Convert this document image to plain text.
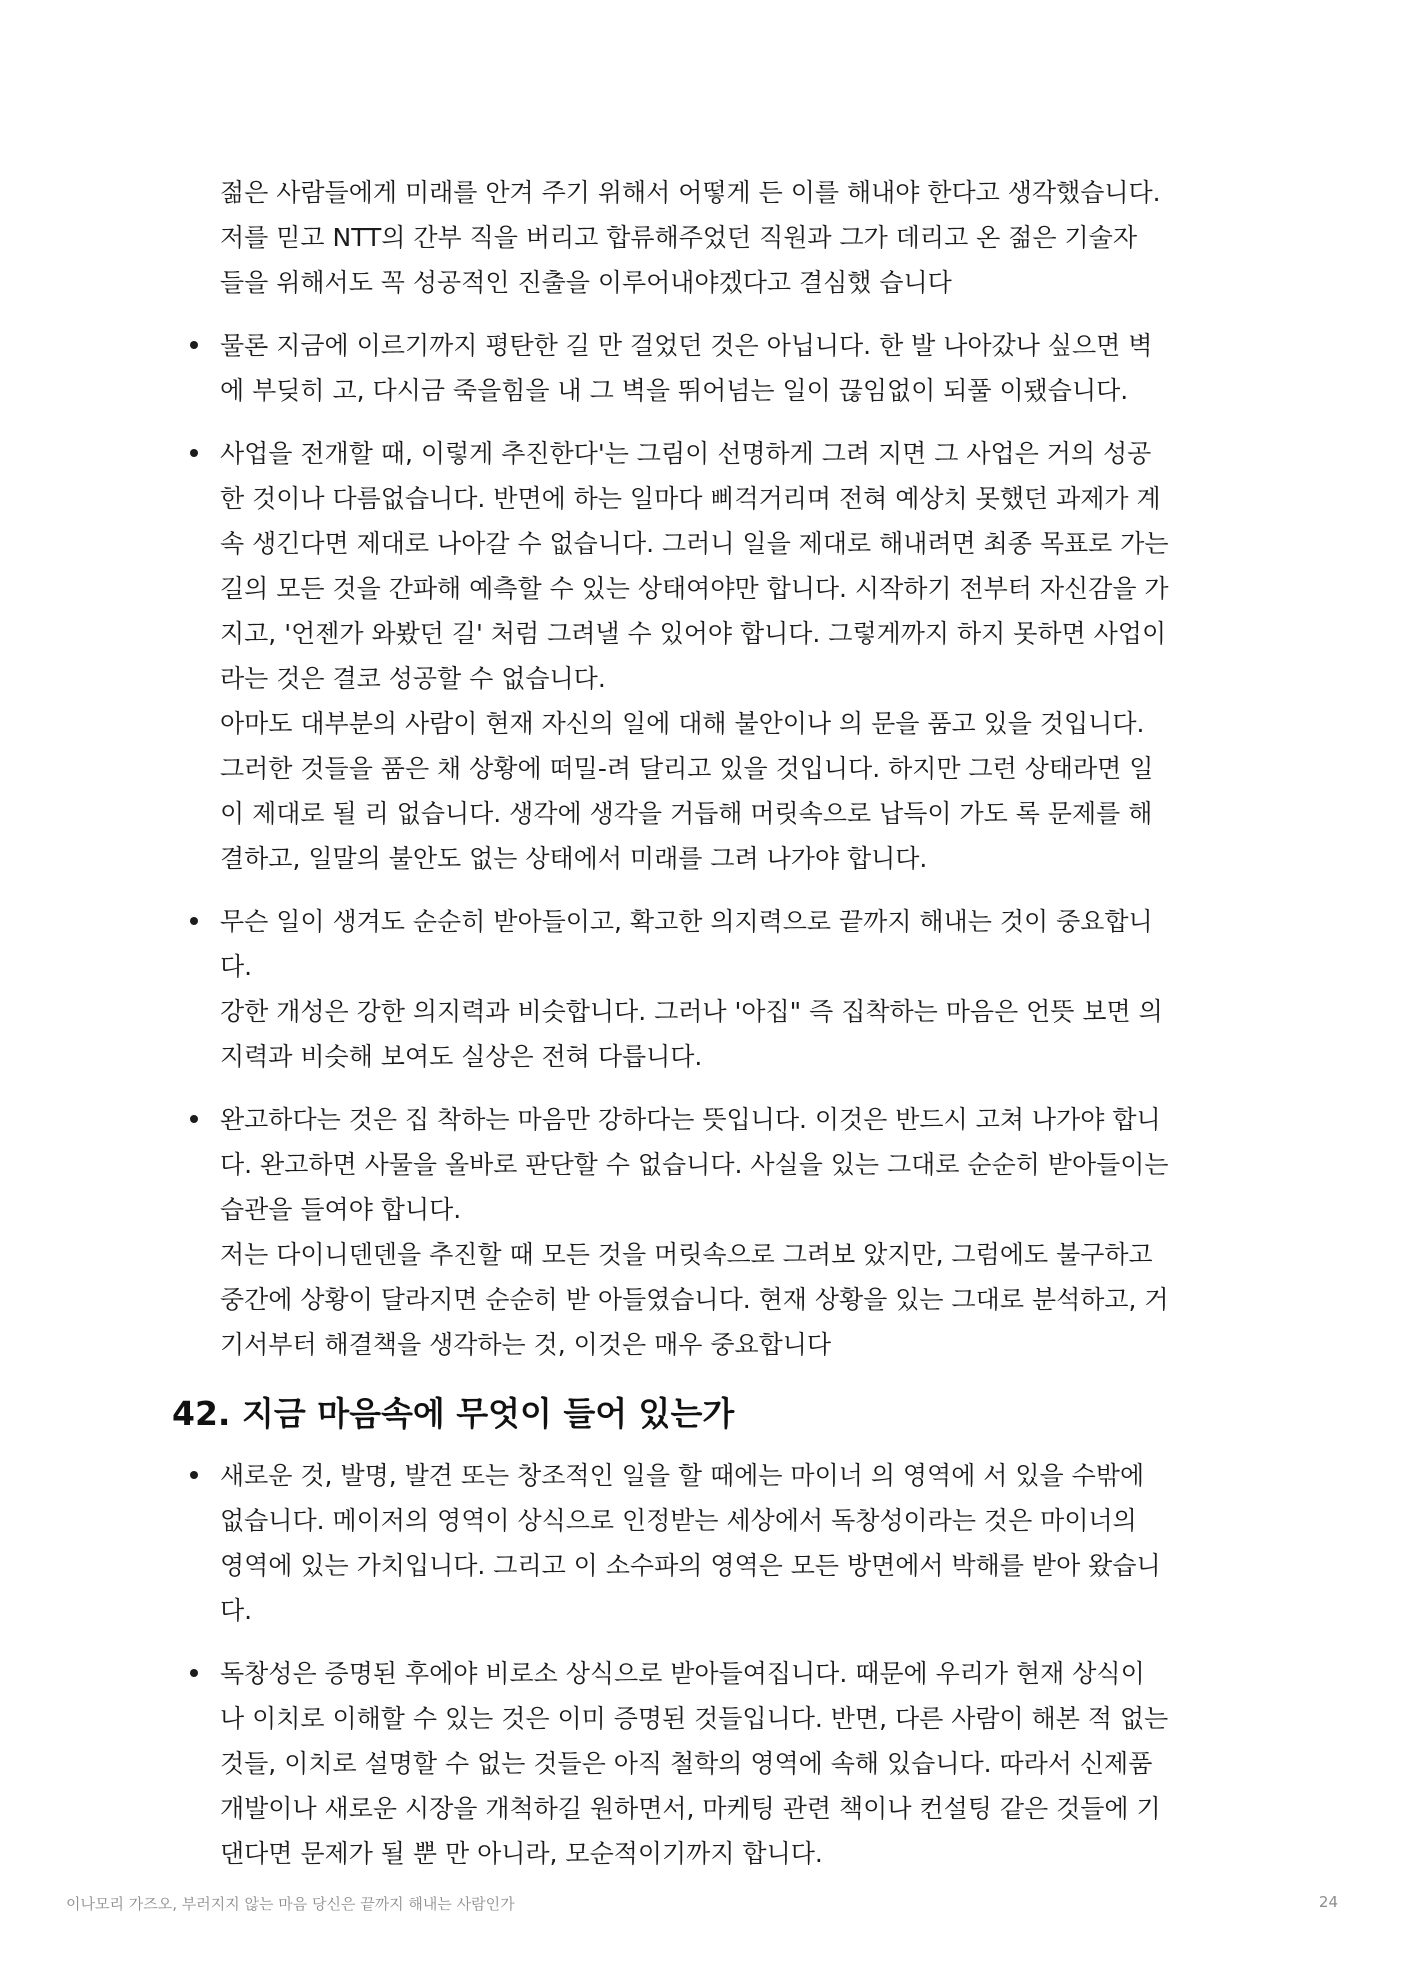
젊은 사람들에게 미래를 안겨 주기 위해서 어떻게 든 이를 해내야 한다고 생각했습니다.
저를 믿고 NTT의 간부 직을 버리고 합류해주었던 직원과 그가 데리고 온 젊은 기술자
들을 위해서도 꼭 성공적인 진출을 이루어내야겠다고 결심했 습니다

물론 지금에 이르기까지 평탄한 길 만 걸었던 것은 아닙니다. 한 발 나아갔나 싶으면 벽
에 부딪히 고, 다시금 죽을힘을 내 그 벽을 뛰어넘는 일이 끊임없이 되풀 이됐습니다.

사업을 전개할 때, 이렇게 추진한다'는 그림이 선명하게 그려 지면 그 사업은 거의 성공
한 것이나 다름없습니다. 반면에 하는 일마다 삐걱거리며 전혀 예상치 못했던 과제가 계
속 생긴다면 제대로 나아갈 수 없습니다. 그러니 일을 제대로 해내려면 최종 목표로 가는
길의 모든 것을 간파해 예측할 수 있는 상태여야만 합니다. 시작하기 전부터 자신감을 가
지고, '언젠가 와봤던 길' 처럼 그려낼 수 있어야 합니다. 그렇게까지 하지 못하면 사업이
라는 것은 결코 성공할 수 없습니다.

아마도 대부분의 사람이 현재 자신의 일에 대해 불안이나 의 문을 품고 있을 것입니다.
그러한 것들을 품은 채 상황에 떠밀-려 달리고 있을 것입니다. 하지만 그런 상태라면 일
이 제대로 될 리 없습니다. 생각에 생각을 거듭해 머릿속으로 납득이 가도 록 문제를 해
결하고, 일말의 불안도 없는 상태에서 미래를 그려 나가야 합니다.

무슨 일이 생겨도 순순히 받아들이고, 확고한 의지력으로 끝까지 해내는 것이 중요합니
다.

강한 개성은 강한 의지력과 비슷합니다. 그러나 '아집" 즉 집착하는 마음은 언뜻 보면 의
지력과 비슷해 보여도 실상은 전혀 다릅니다.

완고하다는 것은 집 착하는 마음만 강하다는 뜻입니다. 이것은 반드시 고쳐 나가야 합니
다. 완고하면 사물을 올바로 판단할 수 없습니다. 사실을 있는 그대로 순순히 받아들이는
습관을 들여야 합니다.

저는 다이니덴덴을 추진할 때 모든 것을 머릿속으로 그려보 았지만, 그럼에도 불구하고
중간에 상황이 달라지면 순순히 받 아들였습니다. 현재 상황을 있는 그대로 분석하고, 거
기서부터 해결책을 생각하는 것, 이것은 매우 중요합니다

42. 지금 마음속에 무엇이 들어 있는가

새로운 것, 발명, 발견 또는 창조적인 일을 할 때에는 마이너 의 영역에 서 있을 수밖에
없습니다. 메이저의 영역이 상식으로 인정받는 세상에서 독창성이라는 것은 마이너의
영역에 있는 가치입니다. 그리고 이 소수파의 영역은 모든 방면에서 박해를 받아 왔습니
다.

독창성은 증명된 후에야 비로소 상식으로 받아들여집니다. 때문에 우리가 현재 상식이
나 이치로 이해할 수 있는 것은 이미 증명된 것들입니다. 반면, 다른 사람이 해본 적 없는
것들, 이치로 설명할 수 없는 것들은 아직 철학의 영역에 속해 있습니다. 따라서 신제품
개발이나 새로운 시장을 개척하길 원하면서, 마케팅 관련 책이나 컨설팅 같은 것들에 기
댄다면 문제가 될 뿐 만 아니라, 모순적이기까지 합니다.

이나모리 가즈오, 부러지지 않는 마음 당신은 끝까지 해내는 사람인가	24
